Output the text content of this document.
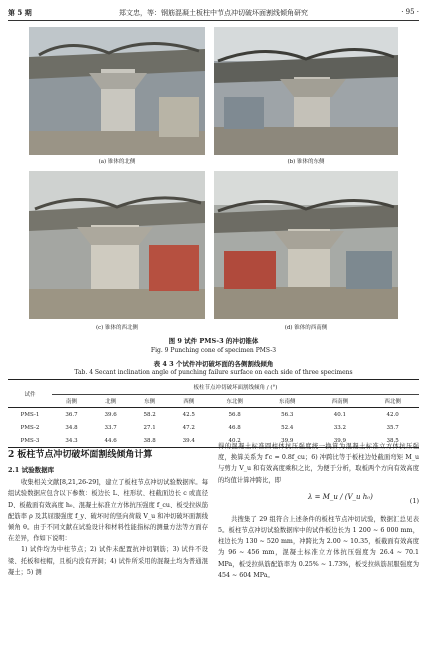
第 5 期	郑文忠，等：钢筋混凝土板柱中节点冲切破坏面割线倾角研究	· 95 ·
(a) 锥体的北侧	(b) 锥体的东侧
(c) 锥体的西北侧	(d) 锥体的西南侧
图 9 试件 PMS-3 的冲切锥体
Fig. 9 Punching cone of specimen PMS-3
表 4 3 个试件冲切破坏面的各侧割线倾角
Tab. 4 Secant inclination angle of punching failure surface on each side of three specimens
试件	板柱节点冲切破坏面割线倾角 / (°)							
	南侧	北侧	东侧	西侧	东北侧	东南侧	西南侧	西北侧
PMS-1	36.7	39.6	58.2	42.5	56.8	56.3	40.1	42.0
PMS-2	34.8	33.7	27.1	47.2	46.8	52.4	33.2	35.7
PMS-3	34.3	44.6	38.8	39.4	40.2	39.9	39.9	38.5
2 板柱节点冲切破坏面割线倾角计算
2.1 试验数据库

收集相关文献[8,21,26-29]，建立了板柱节点冲切试验数据库。每组试验数据应包含以下参数：板边长 L、柱形状、柱截面边长 c 或直径 D、板截面有效高度 h₀、混凝土标准立方体抗压强度 f_cu、板受拉纵筋配筋率 ρ 及其屈服强度 f_y、破坏时的竖向荷载 V_u 和冲切破坏面割线倾角 θ。由于不同文献在试验设计和材料性能指标的测量方法等方面存在差异，作如下说明：

1) 试件均为中柱节点；2) 试件未配置抗冲切钢筋；3) 试件不设梁、托板和柱帽，且板内没有开洞；4) 试件所采用的混凝土均为普通混凝土；5) 测

得的混凝土标准圆柱体抗压强度统一换算为混凝土标准立方体抗压强度，换算关系为 f′c = 0.8f_cu；6) 冲跨比等于板柱边处截面弯矩 M_u 与剪力 V_u 和有效高度乘积之比，为便于分析，取板两个方向有效高度的均值计算冲跨比，即

λ = M_u / (V_u h₀)	(1)

共搜集了 29 组符合上述条件的板柱节点冲切试验，数据汇总见表 5。板柱节点冲切试验数据库中的试件板边长为 1 200 ~ 6 000 mm，柱边长为 130 ~ 520 mm，冲跨比为 2.00 ~ 10.35，板截面有效高度为 96 ~ 456 mm，混凝土标准立方体抗压强度为 26.4 ~ 70.1 MPa，板受拉纵筋配筋率为 0.25% ~ 1.73%，板受拉纵筋屈服强度为 454 ~ 604 MPa。
